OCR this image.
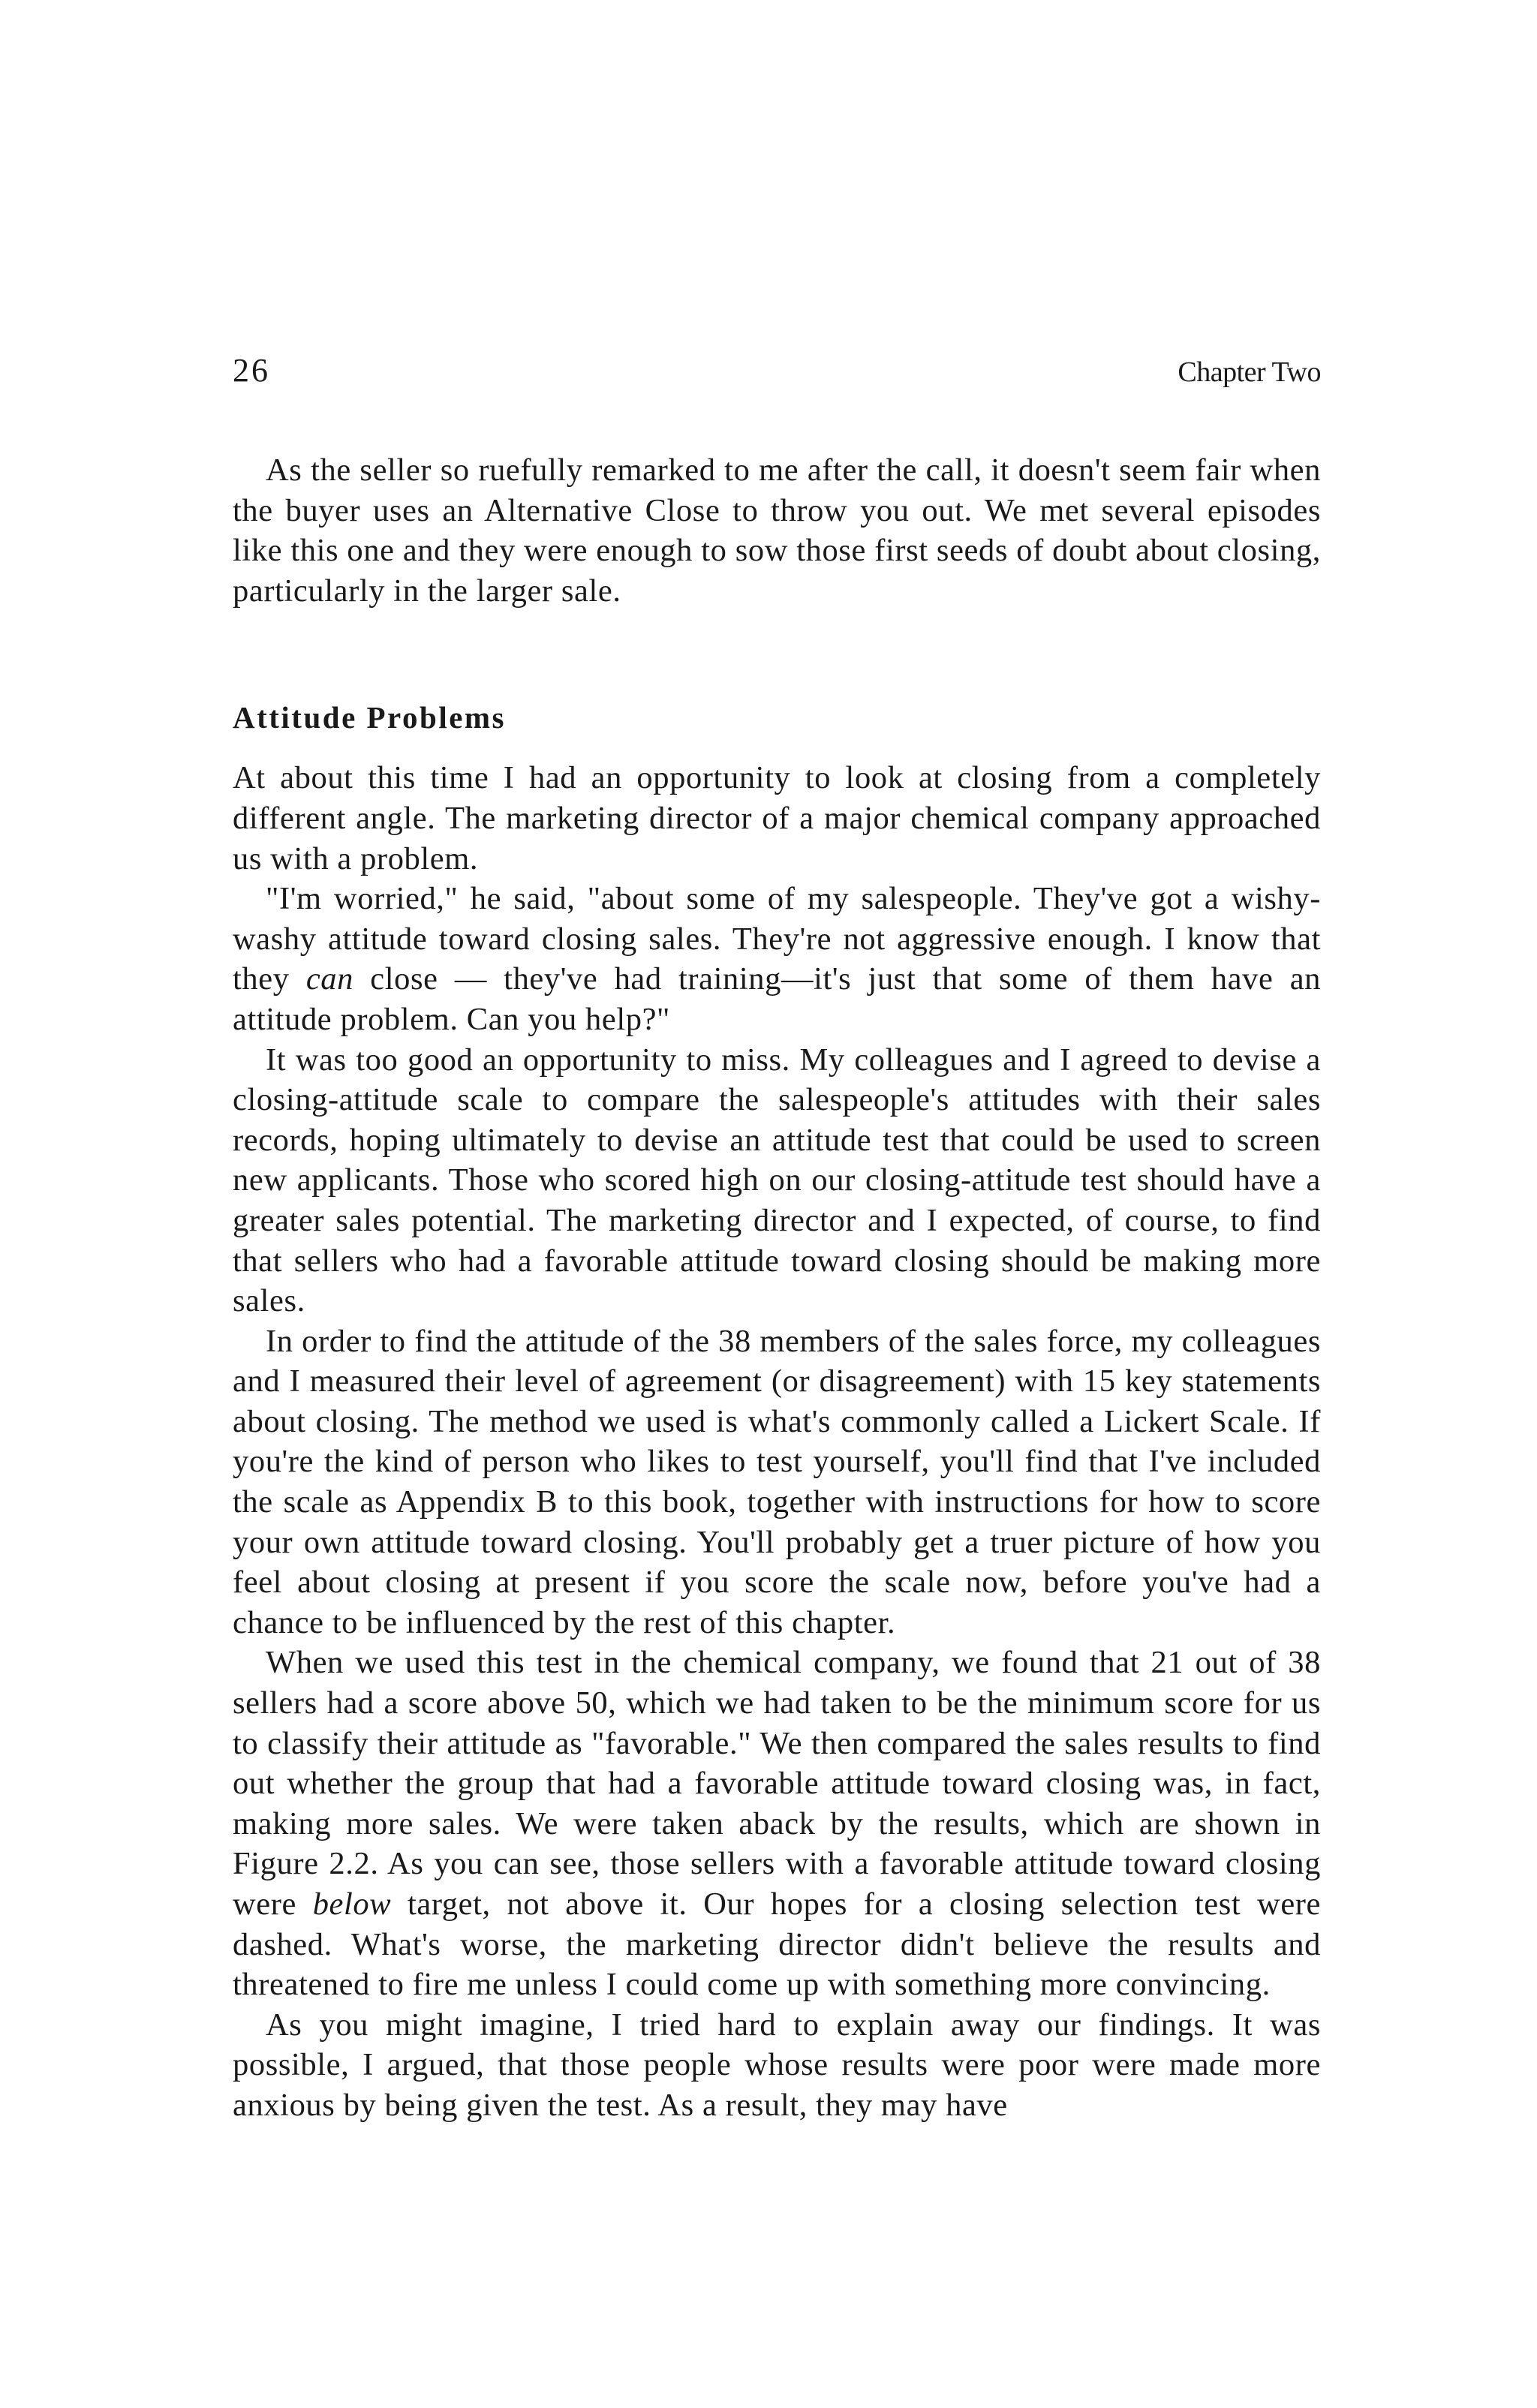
26	Chapter Two

As the seller so ruefully remarked to me after the call, it doesn't seem fair when the buyer uses an Alternative Close to throw you out. We met several episodes like this one and they were enough to sow those first seeds of doubt about closing, particularly in the larger sale.

Attitude Problems

At about this time I had an opportunity to look at closing from a completely different angle. The marketing director of a major chemical company approached us with a problem.

"I'm worried," he said, "about some of my salespeople. They've got a wishy-washy attitude toward closing sales. They're not aggressive enough. I know that they can close — they've had training—it's just that some of them have an attitude problem. Can you help?"

It was too good an opportunity to miss. My colleagues and I agreed to devise a closing-attitude scale to compare the salespeople's attitudes with their sales records, hoping ultimately to devise an attitude test that could be used to screen new applicants. Those who scored high on our closing-attitude test should have a greater sales potential. The marketing director and I expected, of course, to find that sellers who had a favorable attitude toward closing should be making more sales.

In order to find the attitude of the 38 members of the sales force, my colleagues and I measured their level of agreement (or disagreement) with 15 key statements about closing. The method we used is what's commonly called a Lickert Scale. If you're the kind of person who likes to test yourself, you'll find that I've included the scale as Appendix B to this book, together with instructions for how to score your own attitude toward closing. You'll probably get a truer picture of how you feel about closing at present if you score the scale now, before you've had a chance to be influenced by the rest of this chapter.

When we used this test in the chemical company, we found that 21 out of 38 sellers had a score above 50, which we had taken to be the minimum score for us to classify their attitude as "favorable." We then compared the sales results to find out whether the group that had a favorable attitude toward closing was, in fact, making more sales. We were taken aback by the results, which are shown in Figure 2.2. As you can see, those sellers with a favorable attitude toward closing were below target, not above it. Our hopes for a closing selection test were dashed. What's worse, the marketing director didn't believe the results and threatened to fire me unless I could come up with something more convincing.

As you might imagine, I tried hard to explain away our findings. It was possible, I argued, that those people whose results were poor were made more anxious by being given the test. As a result, they may have
